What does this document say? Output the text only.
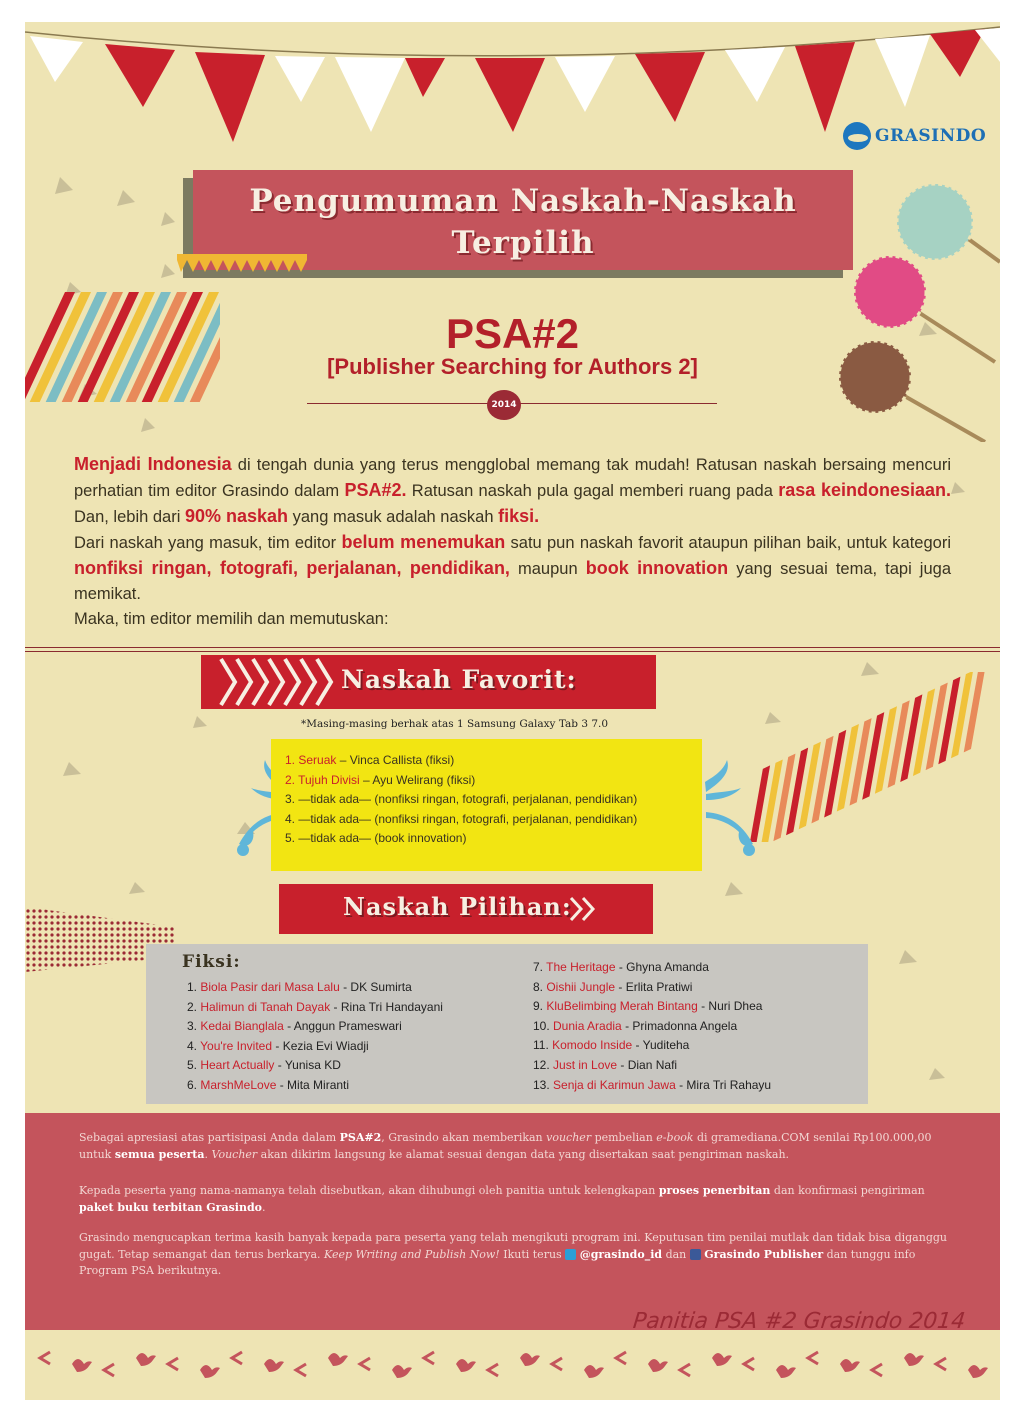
GRASINDO
Pengumuman Naskah-Naskah
Terpilih
PSA#2
[Publisher Searching for Authors 2]
2014

Menjadi Indonesia di tengah dunia yang terus mengglobal memang tak mudah! Ratusan naskah bersaing mencuri perhatian tim editor Grasindo dalam PSA#2. Ratusan naskah pula gagal memberi ruang pada rasa keindonesiaan. Dan, lebih dari 90% naskah yang masuk adalah naskah fiksi.

Dari naskah yang masuk, tim editor belum menemukan satu pun naskah favorit ataupun pilihan baik, untuk kategori nonfiksi ringan, fotografi, perjalanan, pendidikan, maupun book innovation yang sesuai tema, tapi juga memikat.

Maka, tim editor memilih dan memutuskan:

Naskah Favorit:
*Masing-masing berhak atas 1 Samsung Galaxy Tab 3 7.0
1. Seruak – Vinca Callista (fiksi)
2. Tujuh Divisi – Ayu Welirang (fiksi)
3. —tidak ada— (nonfiksi ringan, fotografi, perjalanan, pendidikan)
4. —tidak ada— (nonfiksi ringan, fotografi, perjalanan, pendidikan)
5. —tidak ada— (book innovation)
Naskah Pilihan:
Fiksi:
1. Biola Pasir dari Masa Lalu - DK Sumirta
2. Halimun di Tanah Dayak - Rina Tri Handayani
3. Kedai Bianglala - Anggun Prameswari
4. You're Invited - Kezia Evi Wiadji
5. Heart Actually - Yunisa KD
6. MarshMeLove - Mita Miranti
7. The Heritage - Ghyna Amanda
8. Oishii Jungle - Erlita Pratiwi
9. KluBelimbing Merah Bintang - Nuri Dhea
10. Dunia Aradia - Primadonna Angela
11. Komodo Inside - Yuditeha
12. Just in Love - Dian Nafi
13. Senja di Karimun Jawa - Mira Tri Rahayu

Sebagai apresiasi atas partisipasi Anda dalam PSA#2, Grasindo akan memberikan voucher pembelian e-book di gramediana.COM senilai Rp100.000,00 untuk semua peserta. Voucher akan dikirim langsung ke alamat sesuai dengan data yang disertakan saat pengiriman naskah.

Kepada peserta yang nama-namanya telah disebutkan, akan dihubungi oleh panitia untuk kelengkapan proses penerbitan dan konfirmasi pengiriman paket buku terbitan Grasindo.

Grasindo mengucapkan terima kasih banyak kepada para peserta yang telah mengikuti program ini. Keputusan tim penilai mutlak dan tidak bisa diganggu gugat. Tetap semangat dan terus berkarya. Keep Writing and Publish Now! Ikuti terus  @grasindo_id dan  Grasindo Publisher dan tunggu info Program PSA berikutnya.

Panitia PSA #2 Grasindo 2014
